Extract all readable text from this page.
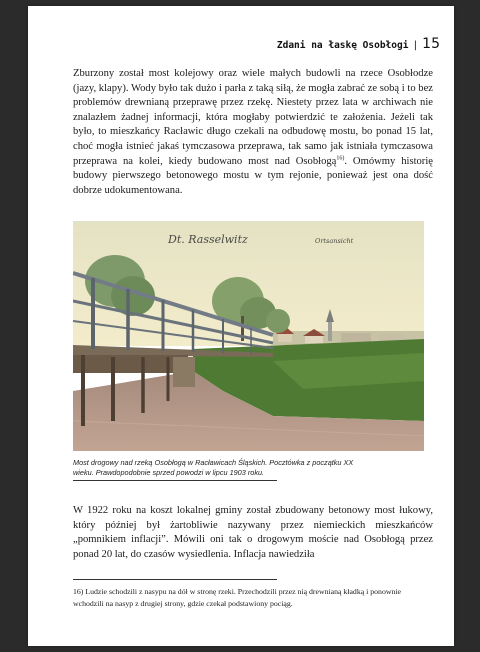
Zdani na łaskę Osobłogi | 15
Zburzony został most kolejowy oraz wiele małych budowli na rzece Osobłodze (jazy, klapy). Wody było tak dużo i parła z taką siłą, że mogła zabrać ze sobą i to bez problemów drewnianą przeprawę przez rzekę. Niestety przez lata w archiwach nie znalazłem żadnej informacji, która mogłaby potwierdzić te założenia. Jeżeli tak było, to mieszkańcy Racławic długo czekali na odbudowę mostu, bo ponad 15 lat, choć mogła istnieć jakaś tymczasowa przeprawa, tak samo jak istniała tymczasowa przeprawa na kolei, kiedy budowano most nad Osobłogą$^{16)}$. Omówmy historię budowy pierwszego betonowego mostu w tym rejonie, ponieważ jest ona dość dobrze udokumentowana.
Dt. Rasselwitz	Ortsansicht
Most drogowy nad rzeką Osobłogą w Racławicach Śląskich. Pocztówka z początku XX wieku. Prawdopodobnie sprzed powodzi w lipcu 1903 roku.
W 1922 roku na koszt lokalnej gminy został zbudowany betonowy most łukowy, który później był żartobliwie nazywany przez niemieckich mieszkańców „pomnikiem inflacji”. Mówili oni tak o drogowym moście nad Osobłogą przez ponad 20 lat, do czasów wysiedlenia. Inflacja nawiedziła
16) Ludzie schodzili z nasypu na dół w stronę rzeki. Przechodzili przez nią drewnianą kładką i ponownie wchodzili na nasyp z drugiej strony, gdzie czekał podstawiony pociąg.
